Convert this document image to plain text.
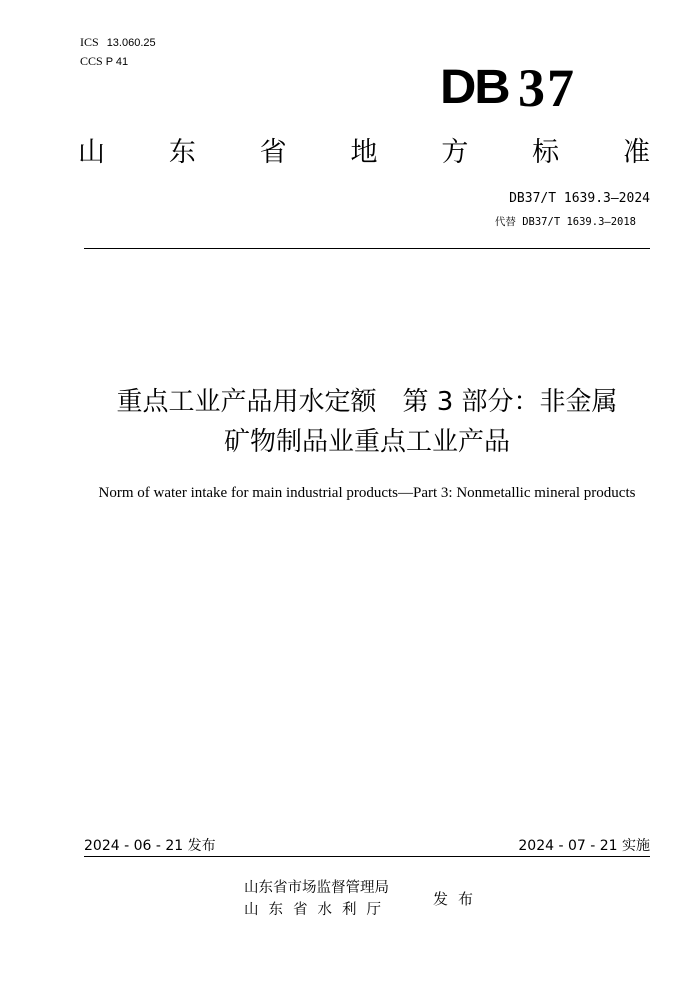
ICS 13.060.25
CCS P 41	DB 37
山 东 省 地 方 标 准
DB37/T 1639.3—2024
代替 DB37/T 1639.3—2018
重点工业产品用水定额　第 3 部分：非金属
矿物制品业重点工业产品
Norm of water intake for main industrial products—Part 3: Nonmetallic mineral products
2024 - 06 - 21 发布	2024 - 07 - 21 实施
山东省市场监督管理局
山东省水利厅
发布
